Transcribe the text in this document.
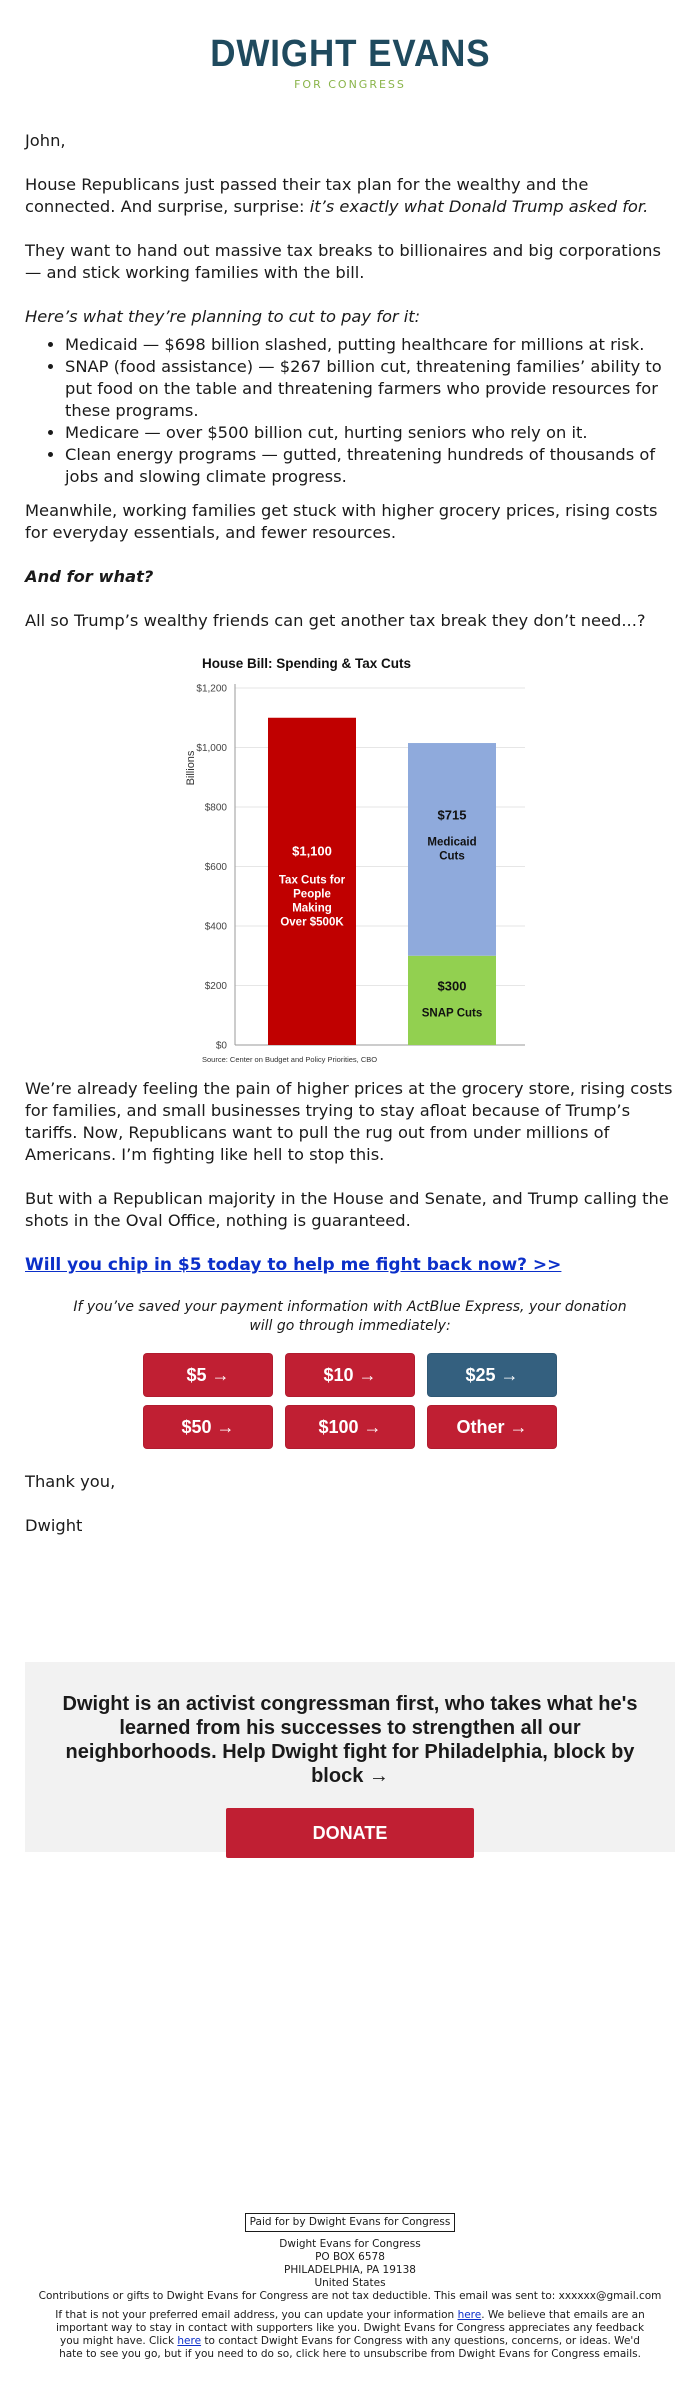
DWIGHT EVANS
FOR CONGRESS

John,

House Republicans just passed their tax plan for the wealthy and the connected. And surprise, surprise: it’s exactly what Donald Trump asked for.

They want to hand out massive tax breaks to billionaires and big corporations — and stick working families with the bill.

Here’s what they’re planning to cut to pay for it:

• Medicaid — $698 billion slashed, putting healthcare for millions at risk.
• SNAP (food assistance) — $267 billion cut, threatening families’ ability to put food on the table and threatening farmers who provide resources for these programs.
• Medicare — over $500 billion cut, hurting seniors who rely on it.
• Clean energy programs — gutted, threatening hundreds of thousands of jobs and slowing climate progress.

Meanwhile, working families get stuck with higher grocery prices, rising costs for everyday essentials, and fewer resources.

And for what?

All so Trump’s wealthy friends can get another tax break they don’t need...?

House Bill: Spending & Tax Cuts
Billions
$0
$200
$400
$600
$800
$1,000
$1,200
$1,100
Tax Cuts for People Making Over $500K
$300
SNAP Cuts
$715
Medicaid Cuts
Source: Center on Budget and Policy Priorities, CBO

We’re already feeling the pain of higher prices at the grocery store, rising costs for families, and small businesses trying to stay afloat because of Trump’s tariffs. Now, Republicans want to pull the rug out from under millions of Americans. I’m fighting like hell to stop this.

But with a Republican majority in the House and Senate, and Trump calling the shots in the Oval Office, nothing is guaranteed.

Will you chip in $5 today to help me fight back now? >>

If you’ve saved your payment information with ActBlue Express, your donation will go through immediately:

$5 →	$10 →	$25 →
$50 →	$100 →	Other →

Thank you,

Dwight

Dwight is an activist congressman first, who takes what he's learned from his successes to strengthen all our neighborhoods. Help Dwight fight for Philadelphia, block by block →
DONATE
Paid for by Dwight Evans for Congress
Dwight Evans for Congress
PO BOX 6578
PHILADELPHIA, PA 19138
United States
Contributions or gifts to Dwight Evans for Congress are not tax deductible. This email was sent to: xxxxxx@gmail.com
If that is not your preferred email address, you can update your information here. We believe that emails are an important way to stay in contact with supporters like you. Dwight Evans for Congress appreciates any feedback you might have. Click here to contact Dwight Evans for Congress with any questions, concerns, or ideas. We'd hate to see you go, but if you need to do so, click here to unsubscribe from Dwight Evans for Congress emails.
